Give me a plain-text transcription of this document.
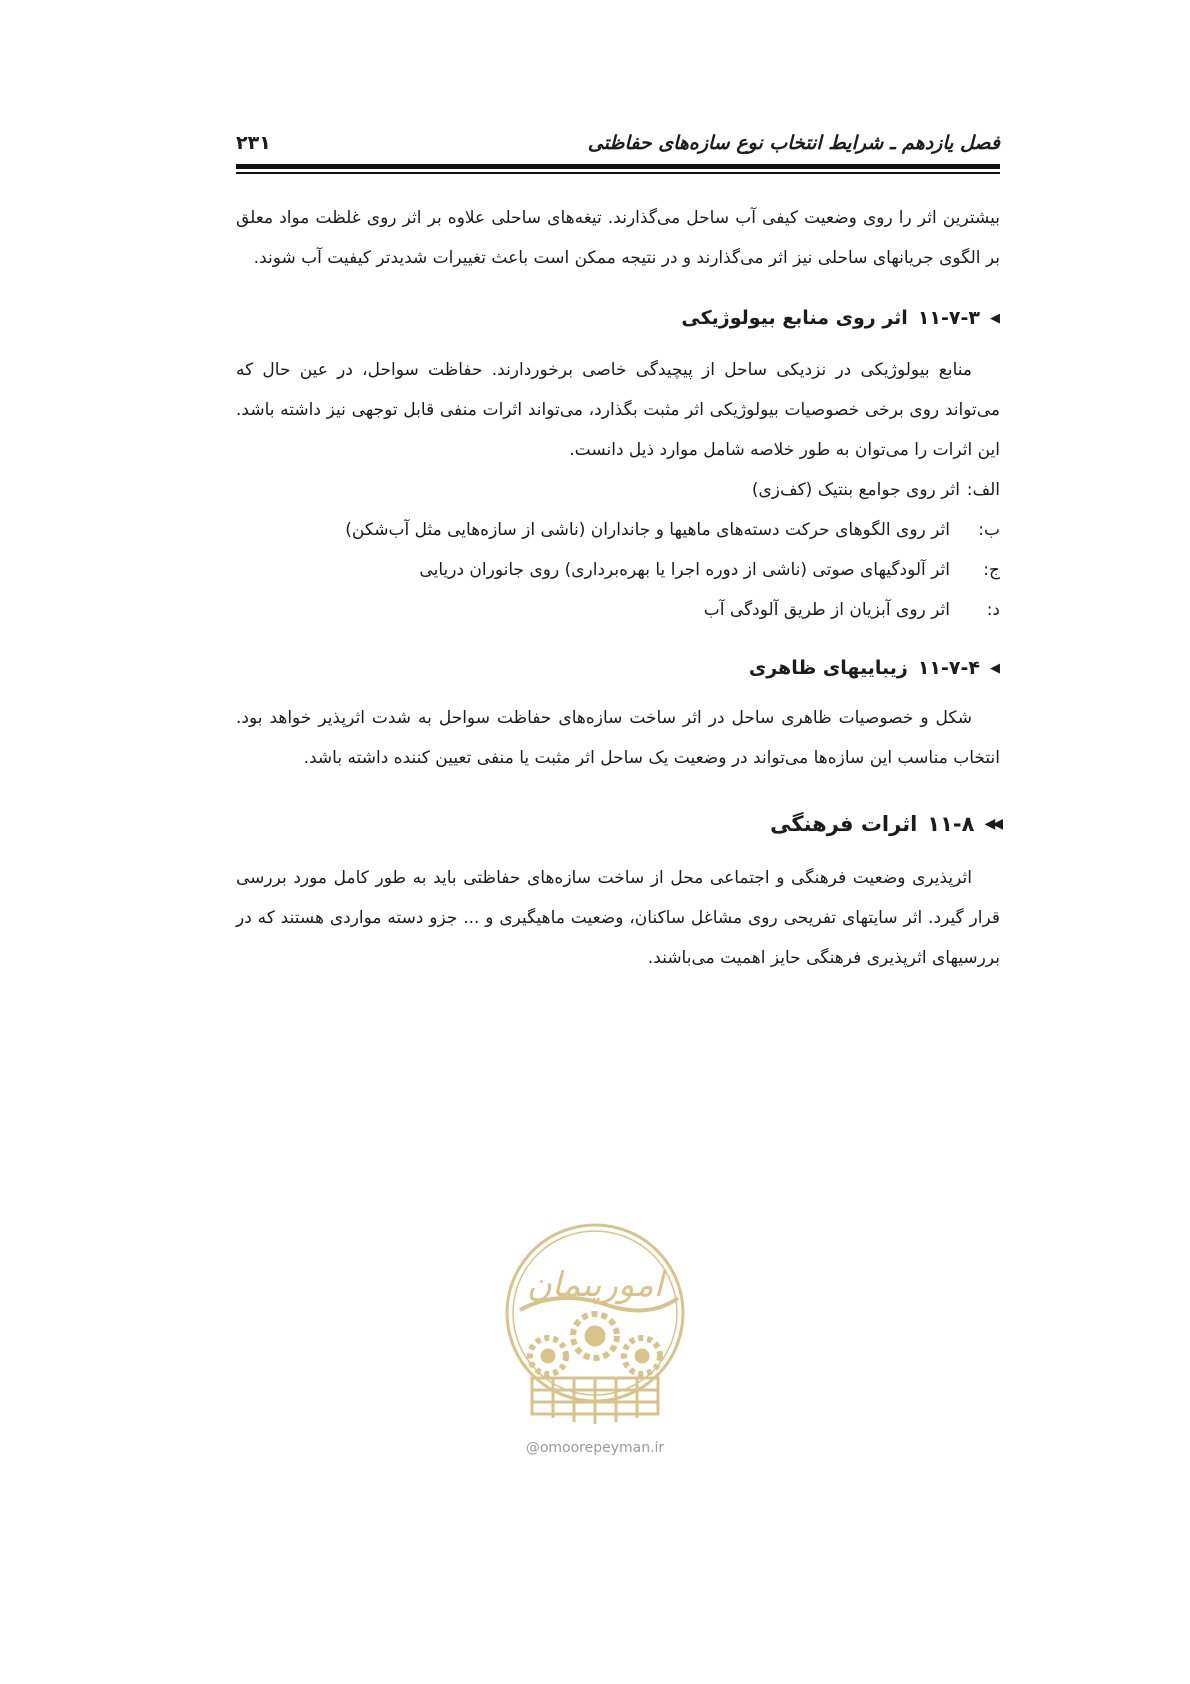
فصل یازدهم ـ شرایط انتخاب نوع سازه‌های حفاظتی
۲۳۱

بیشترین اثر را روی وضعیت کیفی آب ساحل می‌گذارند. تیغه‌های ساحلی علاوه بر اثر روی غلظت مواد معلق بر الگوی جریانهای ساحلی نیز اثر می‌گذارند و در نتیجه ممکن است باعث تغییرات شدیدتر کیفیت آب شوند.

◀
۱۱-۷-۳
اثر روی منابع بیولوژیکی

منابع بیولوژیکی در نزدیکی ساحل از پیچیدگی خاصی برخوردارند. حفاظت سواحل، در عین حال که می‌تواند روی برخی خصوصیات بیولوژیکی اثر مثبت بگذارد، می‌تواند اثرات منفی قابل توجهی نیز داشته باشد. این اثرات را می‌توان به طور خلاصه شامل موارد ذیل دانست.

الف:
اثر روی جوامع بنتیک (کف‌زی)
ب:
اثر روی الگوهای حرکت دسته‌های ماهیها و جانداران (ناشی از سازه‌هایی مثل آب‌شکن)
ج:
اثر آلودگیهای صوتی (ناشی از دوره اجرا یا بهره‌برداری) روی جانوران دریایی
د:
اثر روی آبزیان از طریق آلودگی آب
◀
۱۱-۷-۴
زیباییهای ظاهری

شکل و خصوصیات ظاهری ساحل در اثر ساخت سازه‌های حفاظت سواحل به شدت اثرپذیر خواهد بود. انتخاب مناسب این سازه‌ها می‌تواند در وضعیت یک ساحل اثر مثبت یا منفی تعیین کننده داشته باشد.

◀◀
۱۱-۸
اثرات فرهنگی

اثرپذیری وضعیت فرهنگی و اجتماعی محل از ساخت سازه‌های حفاظتی باید به طور کامل مورد بررسی قرار گیرد. اثر سایتهای تفریحی روی مشاغل ساکنان، وضعیت ماهیگیری و ... جزو دسته مواردی هستند که در بررسیهای اثرپذیری فرهنگی حایز اهمیت می‌باشند.

امورپیمان
@omoorepeyman.ir
